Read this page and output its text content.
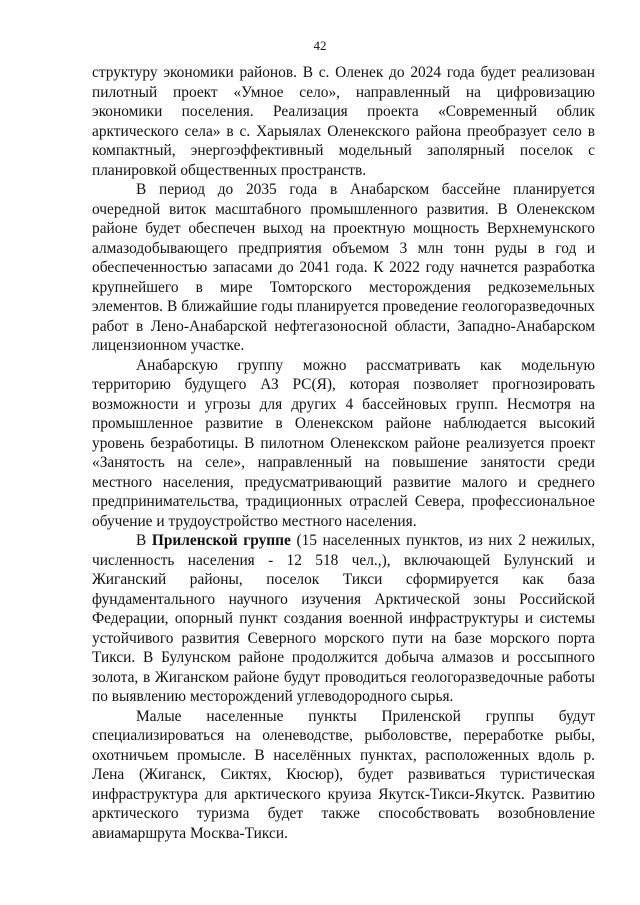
42

структуру экономики районов. В с. Оленек до 2024 года будет реализован пилотный проект «Умное село», направленный на цифровизацию экономики поселения. Реализация проекта «Современный облик арктического села» в с. Харыялах Оленекского района преобразует село в компактный, энергоэффективный модельный заполярный поселок с планировкой общественных пространств.

В период до 2035 года в Анабарском бассейне планируется очередной виток масштабного промышленного развития. В Оленекском районе будет обеспечен выход на проектную мощность Верхнемунского алмазодобывающего предприятия объемом 3 млн тонн руды в год и обеспеченностью запасами до 2041 года. К 2022 году начнется разработка крупнейшего в мире Томторского месторождения редкоземельных элементов. В ближайшие годы планируется проведение геологоразведочных работ в Лено-Анабарской нефтегазоносной области, Западно-Анабарском лицензионном участке.

Анабарскую группу можно рассматривать как модельную территорию будущего АЗ РС(Я), которая позволяет прогнозировать возможности и угрозы для других 4 бассейновых групп. Несмотря на промышленное развитие в Оленекском районе наблюдается высокий уровень безработицы. В пилотном Оленекском районе реализуется проект «Занятость на селе», направленный на повышение занятости среди местного населения, предусматривающий развитие малого и среднего предпринимательства, традиционных отраслей Севера, профессиональное обучение и трудоустройство местного населения.

В Приленской группе (15 населенных пунктов, из них 2 нежилых, численность населения - 12 518 чел.,), включающей Булунский и Жиганский районы, поселок Тикси сформируется как база фундаментального научного изучения Арктической зоны Российской Федерации, опорный пункт создания военной инфраструктуры и системы устойчивого развития Северного морского пути на базе морского порта Тикси. В Булунском районе продолжится добыча алмазов и россыпного золота, в Жиганском районе будут проводиться геологоразведочные работы по выявлению месторождений углеводородного сырья.

Малые населенные пункты Приленской группы будут специализироваться на оленеводстве, рыболовстве, переработке рыбы, охотничьем промысле. В населённых пунктах, расположенных вдоль р. Лена (Жиганск, Сиктях, Кюсюр), будет развиваться туристическая инфраструктура для арктического круиза Якутск-Тикси-Якутск. Развитию арктического туризма будет также способствовать возобновление авиамаршрута Москва-Тикси.
